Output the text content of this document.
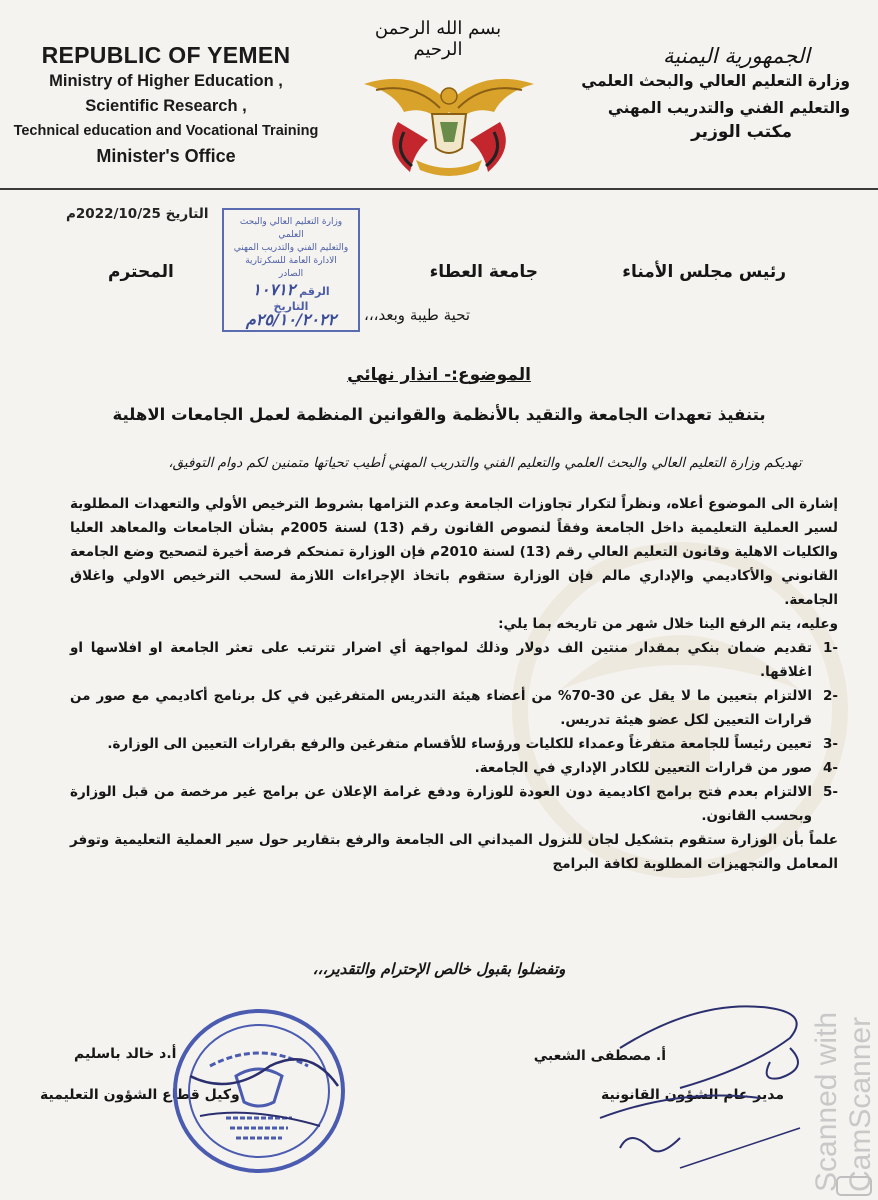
REPUBLIC OF YEMEN
Ministry of Higher Education ,
Scientific Research ,
Technical education and Vocational Training
Minister's Office
بسم الله الرحمن الرحيم	الجمهورية اليمنية
وزارة التعليم العالي والبحث العلمي
والتعليم الفني والتدريب المهني
مكتب الوزير
التاريخ 2022/10/25م	وزارة التعليم العالي والبحث العلمي
والتعليم الفني والتدريب المهني
الادارة العامة للسكرتارية
الصادر
الرقم ١٠٧١٢
التاريخ ٢٥/١٠/٢٠٢٢م
رئيس مجلس الأمناء
جامعة العطاء
المحترم
تحية طيبة وبعد،،،
الموضوع:- انذار نهائي
بتنفيذ تعهدات الجامعة والتقيد بالأنظمة والقوانين المنظمة لعمل الجامعات الاهلية
تهديكم وزارة التعليم العالي والبحث العلمي والتعليم الفني والتدريب المهني أطيب تحياتها متمنين لكم دوام التوفيق،

إشارة الى الموضوع أعلاه، ونظراً لتكرار تجاوزات الجامعة وعدم التزامها بشروط الترخيص الأولي والتعهدات المطلوبة لسير العملية التعليمية داخل الجامعة وفقاً لنصوص القانون رقم (13) لسنة 2005م بشأن الجامعات والمعاهد العليا والكليات الاهلية وقانون التعليم العالي رقم (13) لسنة 2010م فإن الوزارة تمنحكم فرصة أخيرة لتصحيح وضع الجامعة القانوني والأكاديمي والإداري مالم فإن الوزارة ستقوم باتخاذ الإجراءات اللازمة لسحب الترخيص الاولي واغلاق الجامعة.

وعليه، يتم الرفع الينا خلال شهر من تاريخه بما يلي:

-1
تقديم ضمان بنكي بمقدار منتين الف دولار وذلك لمواجهة أي اضرار تترتب على تعثر الجامعة او افلاسها او اغلاقها.
-2
الالتزام بتعيين ما لا يقل عن 30-70% من أعضاء هيئة التدريس المتفرغين في كل برنامج أكاديمي مع صور من قرارات التعيين لكل عضو هيئة تدريس.
-3
تعيين رئيساً للجامعة متفرغاً وعمداء للكليات ورؤساء للأقسام متفرغين والرفع بقرارات التعيين الى الوزارة.
-4
صور من قرارات التعيين للكادر الإداري في الجامعة.
-5
الالتزام بعدم فتح برامج اكاديمية دون العودة للوزارة ودفع غرامة الإعلان عن برامج غير مرخصة من قبل الوزارة وبحسب القانون.

علماً بأن الوزارة ستقوم بتشكيل لجان للنزول الميداني الى الجامعة والرفع بتقارير حول سير العملية التعليمية وتوفر المعامل والتجهيزات المطلوبة لكافة البرامج

وتفضلوا بقبول خالص الإحترام والتقدير،،،
أ.د خالد باسليم
وكيل قطاع الشؤون التعليمية
أ. مصطفى الشعبي
مدير عام الشؤون القانونية Scanned with CamScanner
